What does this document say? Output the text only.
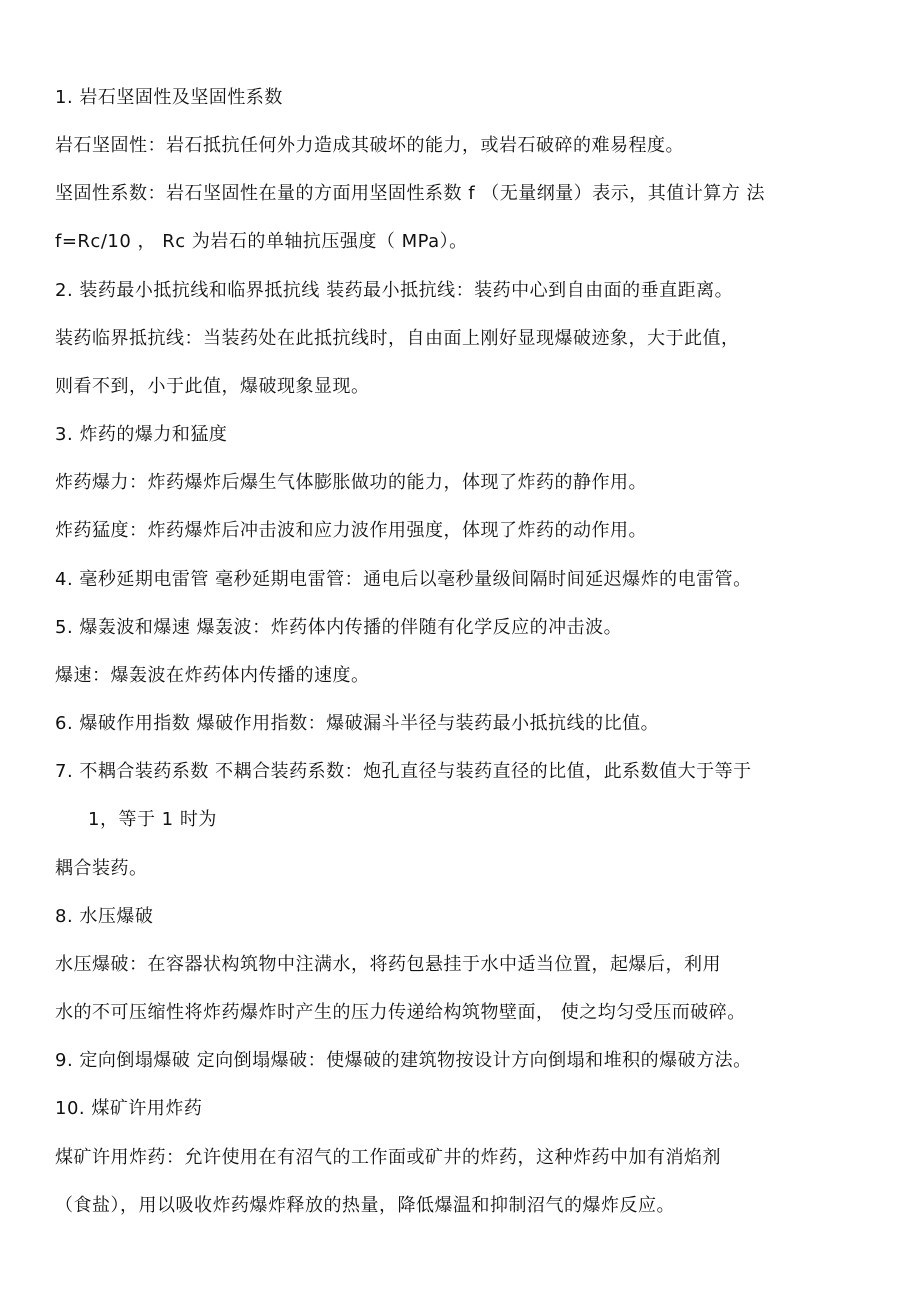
1. 岩石坚固性及坚固性系数
岩石坚固性：岩石抵抗任何外力造成其破坏的能力，或岩石破碎的难易程度。
坚固性系数：岩石坚固性在量的方面用坚固性系数 f （无量纲量）表示，其值计算方 法
f=Rc/10 ， Rc 为岩石的单轴抗压强度（ MPa）。
2. 装药最小抵抗线和临界抵抗线 装药最小抵抗线：装药中心到自由面的垂直距离。
装药临界抵抗线：当装药处在此抵抗线时，自由面上刚好显现爆破迹象，大于此值，
则看不到，小于此值，爆破现象显现。
3. 炸药的爆力和猛度
炸药爆力：炸药爆炸后爆生气体膨胀做功的能力，体现了炸药的静作用。
炸药猛度：炸药爆炸后冲击波和应力波作用强度，体现了炸药的动作用。
4. 毫秒延期电雷管 毫秒延期电雷管：通电后以毫秒量级间隔时间延迟爆炸的电雷管。
5. 爆轰波和爆速 爆轰波：炸药体内传播的伴随有化学反应的冲击波。
爆速：爆轰波在炸药体内传播的速度。
6. 爆破作用指数 爆破作用指数：爆破漏斗半径与装药最小抵抗线的比值。
7. 不耦合装药系数 不耦合装药系数：炮孔直径与装药直径的比值，此系数值大于等于
1，等于 1 时为
耦合装药。
8. 水压爆破
水压爆破：在容器状构筑物中注满水，将药包悬挂于水中适当位置，起爆后，利用
水的不可压缩性将炸药爆炸时产生的压力传递给构筑物壁面， 使之均匀受压而破碎。
9. 定向倒塌爆破 定向倒塌爆破：使爆破的建筑物按设计方向倒塌和堆积的爆破方法。
10. 煤矿许用炸药
煤矿许用炸药：允许使用在有沼气的工作面或矿井的炸药，这种炸药中加有消焰剂
（食盐），用以吸收炸药爆炸释放的热量，降低爆温和抑制沼气的爆炸反应。
